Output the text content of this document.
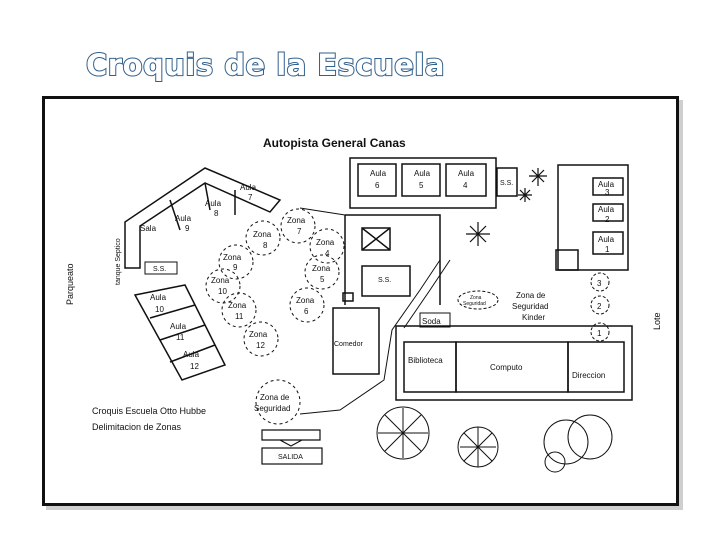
Croquis de la Escuela
Autopista General Canas
Aula
6
Aula
5
Aula
4	S.S.	Aula
3
Aula
2
Aula
1
3
2
1
Zona de
Seguridad
Kinder
Zona
Seguridad
Lote
Aula
7
Aula
8
Aula
9
Sala
S.S.
tanque Septico
Parqueato	Aula
10
Aula
11
Aula
12
Zona
7
Zona
8
Zona
9
Zona
4
Zona
10
Zona
5
Zona
11
Zona
6
Zona
12
S.S.
Comedor
Soda
Biblioteca
Computo
Direccion
Zona de
Seguridad
SALIDA
Croquis Escuela Otto Hubbe
Delimitacion de Zonas
